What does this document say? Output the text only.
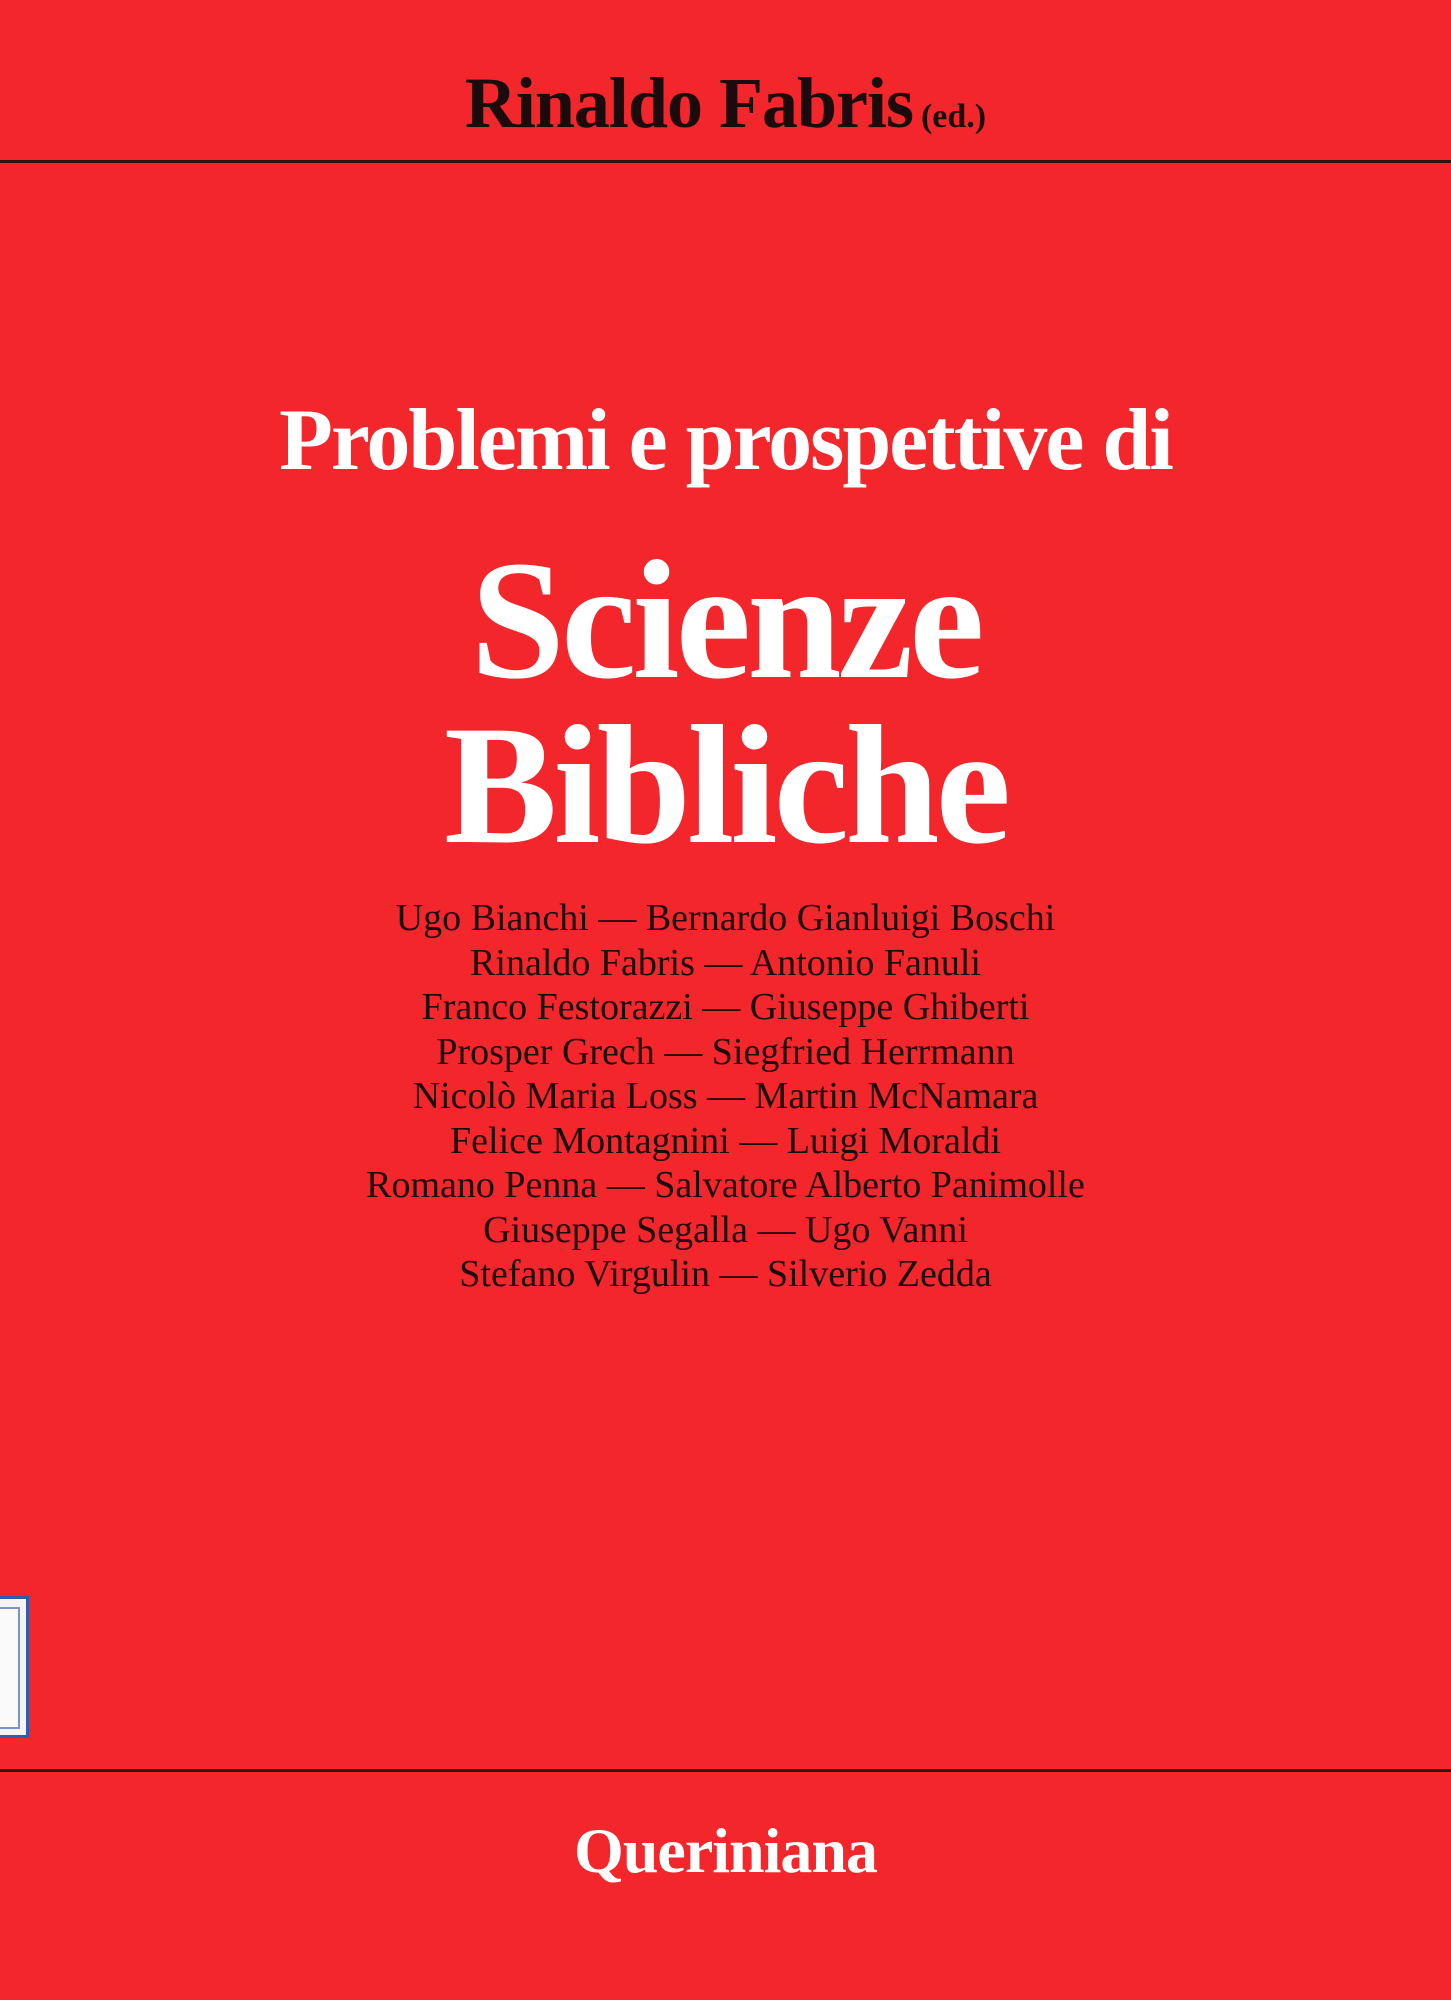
Rinaldo Fabris (ed.)
Problemi e prospettive di
Scienze
Bibliche
Ugo Bianchi — Bernardo Gianluigi Boschi
Rinaldo Fabris — Antonio Fanuli
Franco Festorazzi — Giuseppe Ghiberti
Prosper Grech — Siegfried Herrmann
Nicolò Maria Loss — Martin McNamara
Felice Montagnini — Luigi Moraldi
Romano Penna — Salvatore Alberto Panimolle
Giuseppe Segalla — Ugo Vanni
Stefano Virgulin — Silverio Zedda
Queriniana
